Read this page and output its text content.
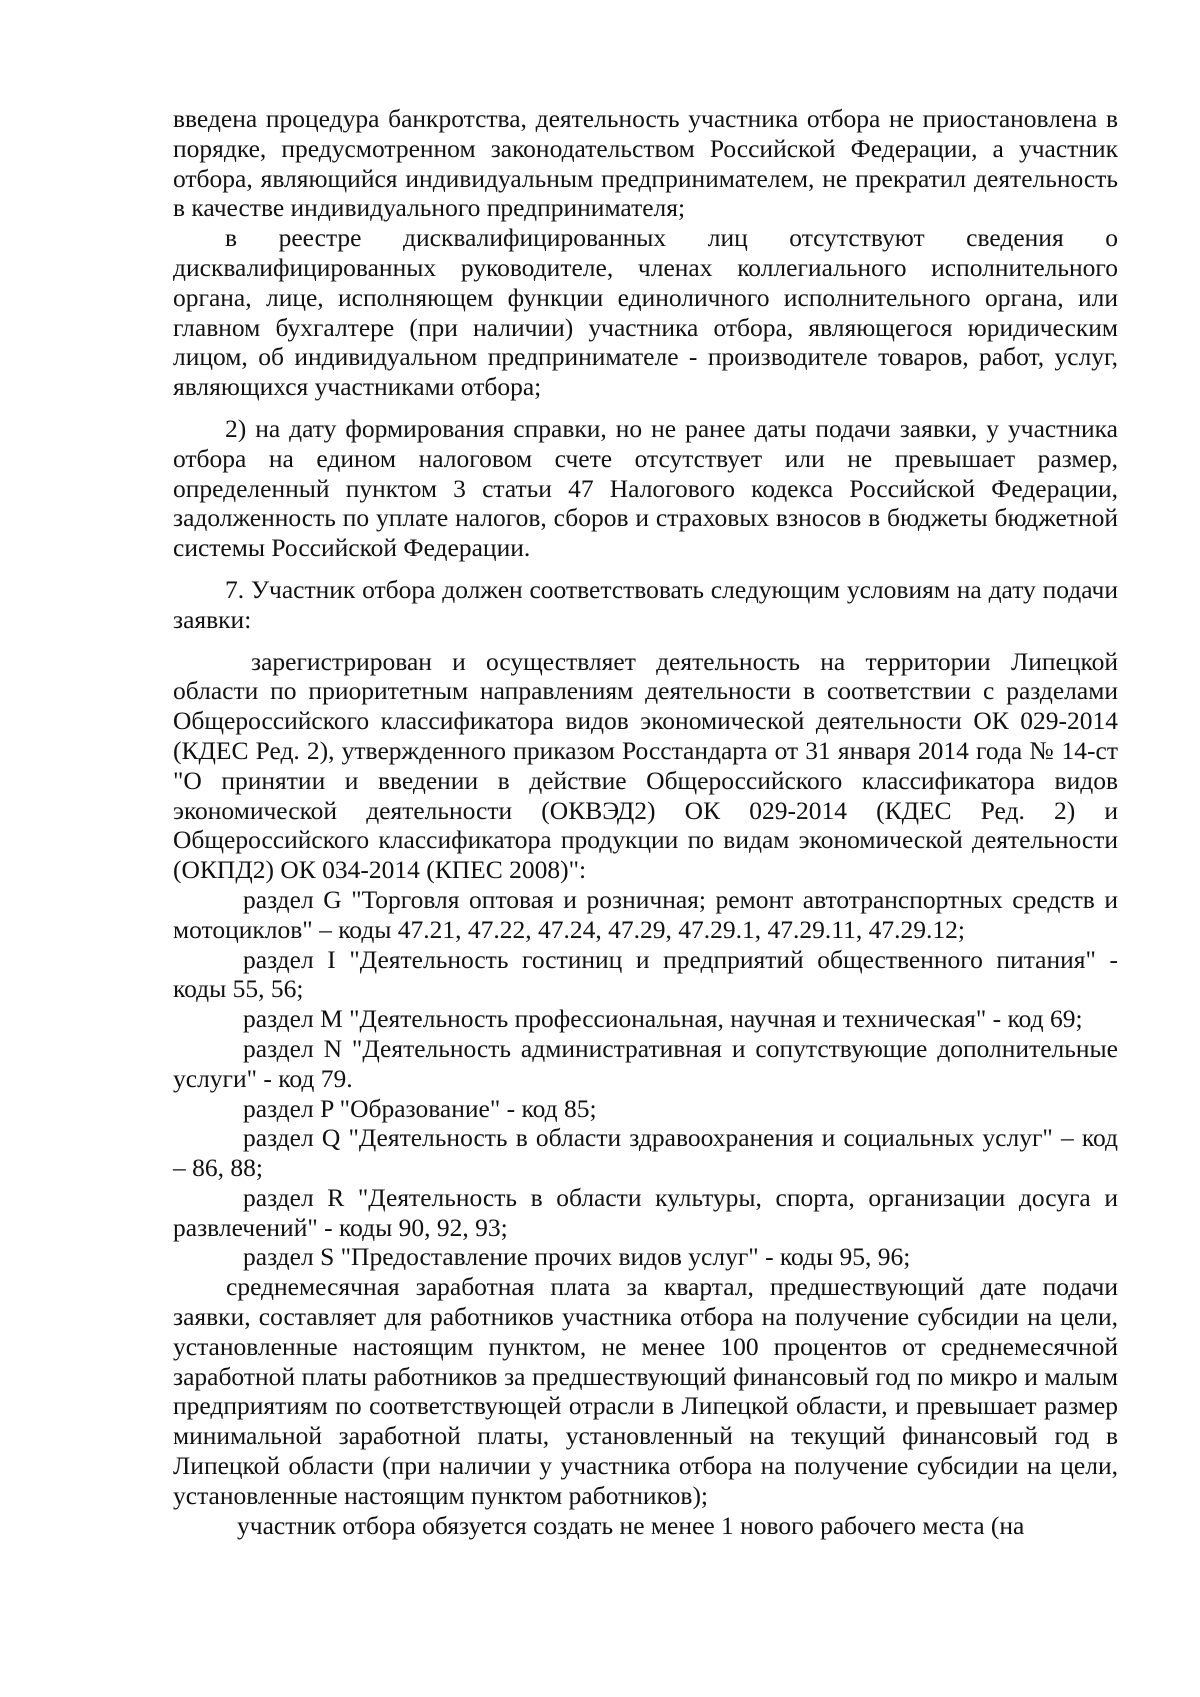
введена процедура банкротства, деятельность участника отбора не приостановлена в порядке, предусмотренном законодательством Российской Федерации, а участник отбора, являющийся индивидуальным предпринимателем, не прекратил деятельность в качестве индивидуального предпринимателя;

в реестре дисквалифицированных лиц отсутствуют сведения о дисквалифицированных руководителе, членах коллегиального исполнительного органа, лице, исполняющем функции единоличного исполнительного органа, или главном бухгалтере (при наличии) участника отбора, являющегося юридическим лицом, об индивидуальном предпринимателе - производителе товаров, работ, услуг, являющихся участниками отбора;

2) на дату формирования справки, но не ранее даты подачи заявки, у участника отбора на едином налоговом счете отсутствует или не превышает размер, определенный пунктом 3 статьи 47 Налогового кодекса Российской Федерации, задолженность по уплате налогов, сборов и страховых взносов в бюджеты бюджетной системы Российской Федерации.

7. Участник отбора должен соответствовать следующим условиям на дату подачи заявки:

зарегистрирован и осуществляет деятельность на территории Липецкой области по приоритетным направлениям деятельности в соответствии с разделами Общероссийского классификатора видов экономической деятельности ОК 029-2014 (КДЕС Ред. 2), утвержденного приказом Росстандарта от 31 января 2014 года № 14-ст "О принятии и введении в действие Общероссийского классификатора видов экономической деятельности (ОКВЭД2) ОК 029-2014 (КДЕС Ред. 2) и Общероссийского классификатора продукции по видам экономической деятельности (ОКПД2) ОК 034-2014 (КПЕС 2008)":

раздел G "Торговля оптовая и розничная; ремонт автотранспортных средств и мотоциклов" – коды 47.21, 47.22, 47.24, 47.29, 47.29.1, 47.29.11, 47.29.12;

раздел I "Деятельность гостиниц и предприятий общественного питания" - коды 55, 56;

раздел M "Деятельность профессиональная, научная и техническая" - код 69;

раздел N "Деятельность административная и сопутствующие дополнительные услуги" - код 79.

раздел P "Образование" - код 85;

раздел Q "Деятельность в области здравоохранения и социальных услуг" – код – 86, 88;

раздел R "Деятельность в области культуры, спорта, организации досуга и развлечений" - коды 90, 92, 93;

раздел S "Предоставление прочих видов услуг" - коды 95, 96;

среднемесячная заработная плата за квартал, предшествующий дате подачи заявки, составляет для работников участника отбора на получение субсидии на цели, установленные настоящим пунктом, не менее 100 процентов от среднемесячной заработной платы работников за предшествующий финансовый год по микро и малым предприятиям по соответствующей отрасли в Липецкой области, и превышает размер минимальной заработной платы, установленный на текущий финансовый год в Липецкой области (при наличии у участника отбора на получение субсидии на цели, установленные настоящим пунктом работников);

участник отбора обязуется создать не менее 1 нового рабочего места (на
